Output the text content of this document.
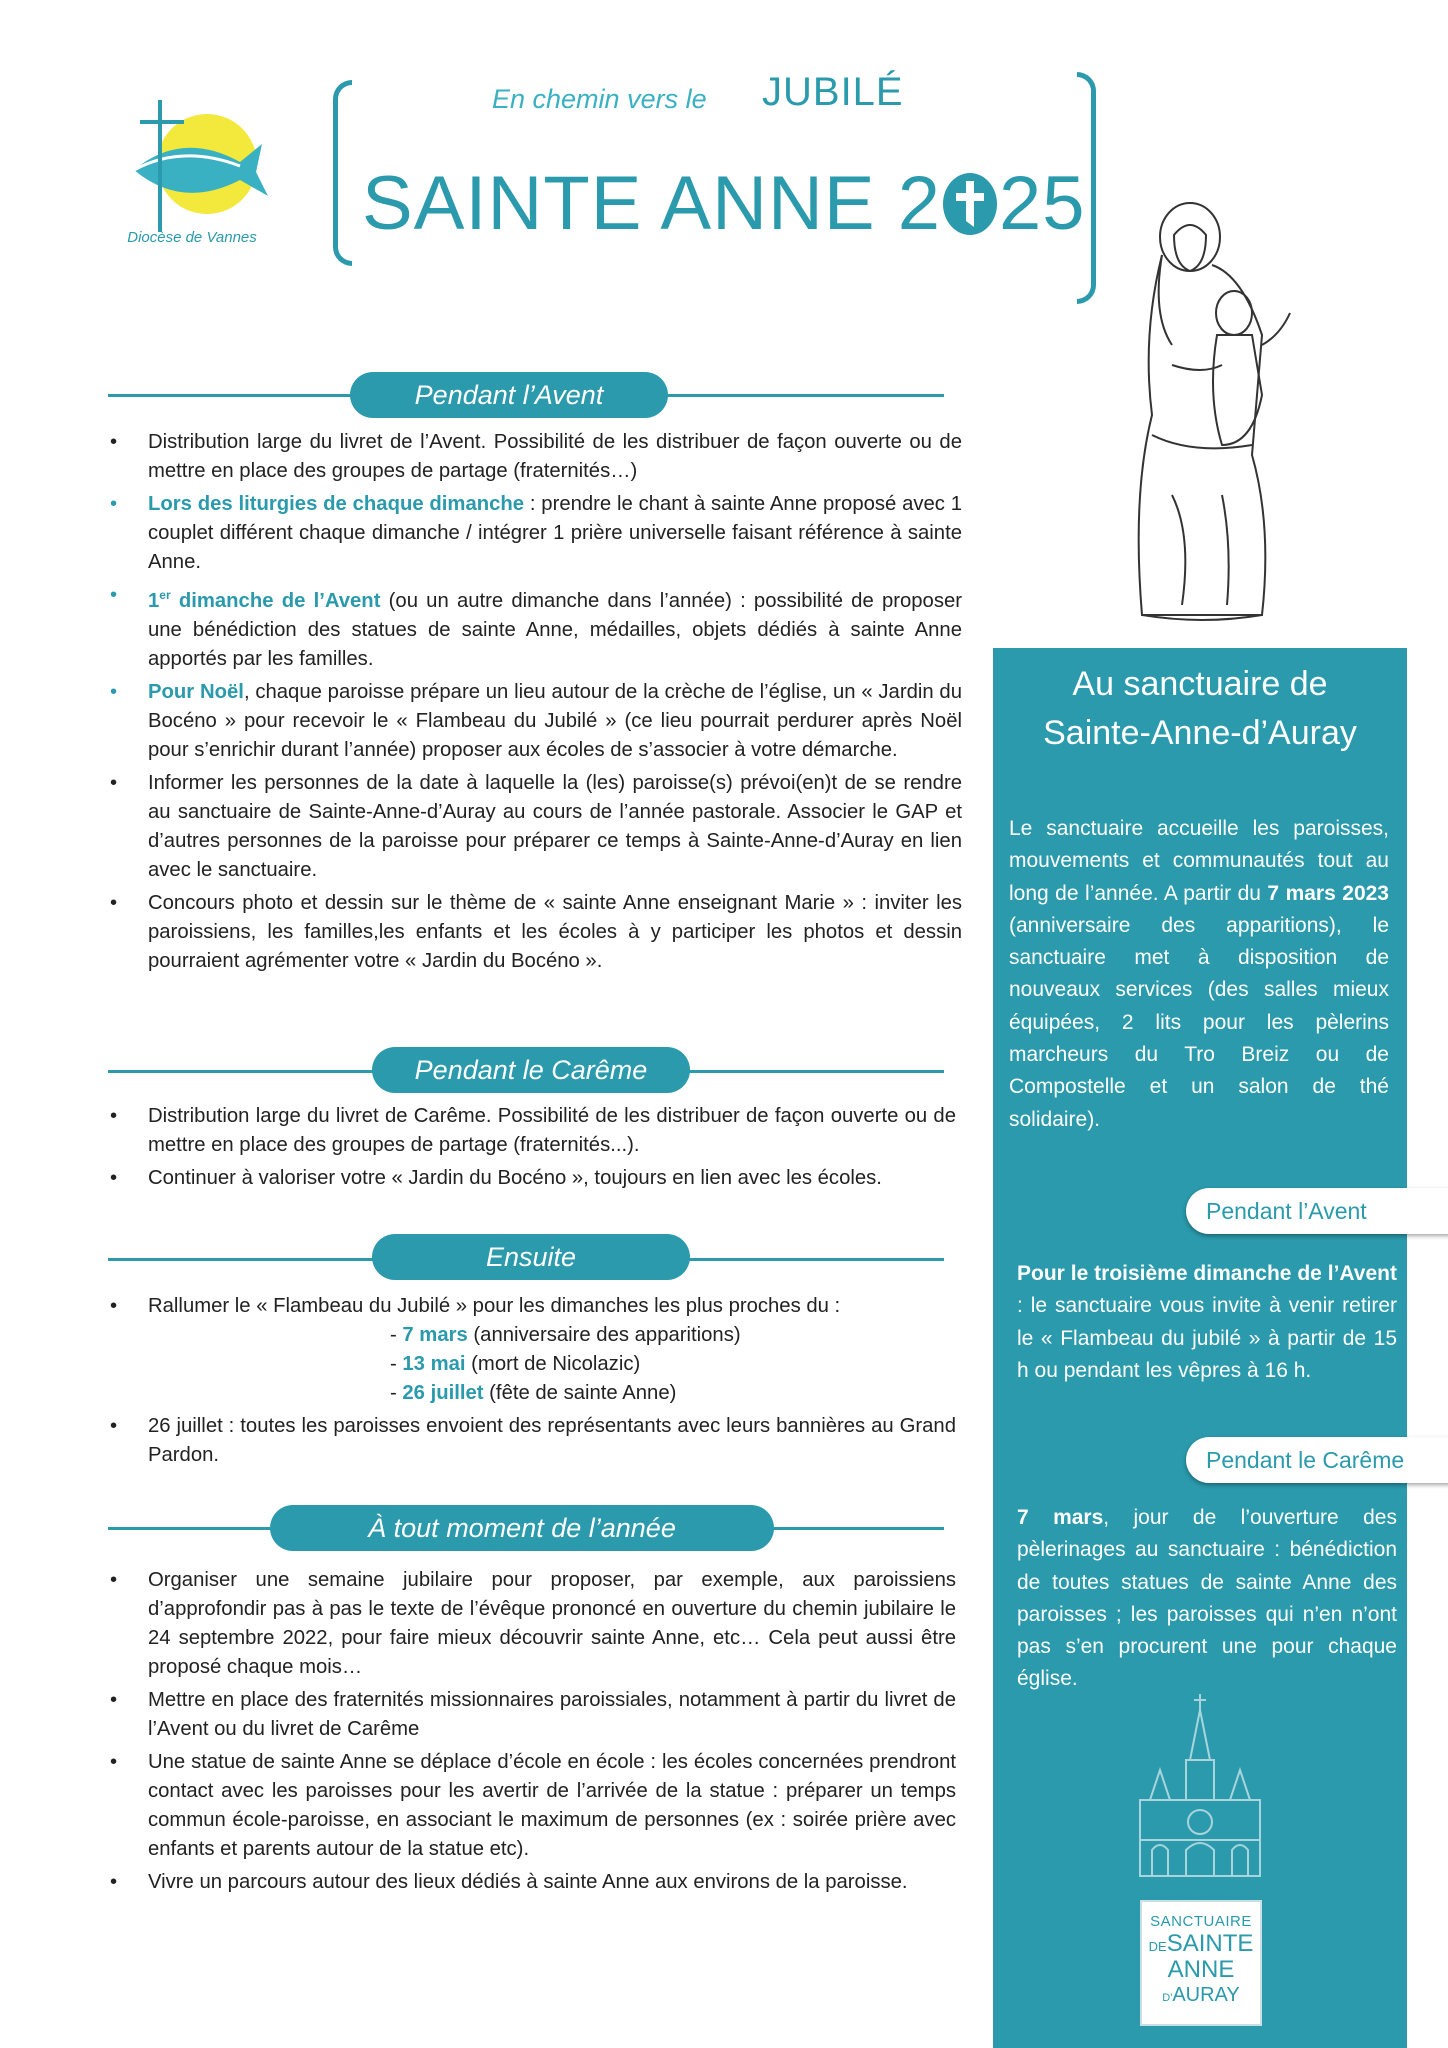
Diocèse de Vannes
En chemin vers le JUBILÉ
SAINTE ANNE 2 25
Pendant l’Avent
• Distribution large du livret de l’Avent. Possibilité de les distribuer de façon ouverte ou de mettre en place des groupes de partage (fraternités…)
• Lors des liturgies de chaque dimanche : prendre le chant à sainte Anne proposé avec 1 couplet différent chaque dimanche / intégrer 1 prière universelle faisant référence à sainte Anne.
• 1er dimanche de l’Avent (ou un autre dimanche dans l’année) : possibilité de proposer une bénédiction des statues de sainte Anne, médailles, objets dédiés à sainte Anne apportés par les familles.
• Pour Noël, chaque paroisse prépare un lieu autour de la crèche de l’église, un « Jardin du Bocéno » pour recevoir le « Flambeau du Jubilé » (ce lieu pourrait perdurer après Noël pour s’enrichir durant l’année) proposer aux écoles de s’associer à votre démarche.
• Informer les personnes de la date à laquelle la (les) paroisse(s) prévoi(en)t de se rendre au sanctuaire de Sainte-Anne-d’Auray au cours de l’année pastorale. Associer le GAP et d’autres personnes de la paroisse pour préparer ce temps à Sainte-Anne-d’Auray en lien avec le sanctuaire.
• Concours photo et dessin sur le thème de « sainte Anne enseignant Marie » : inviter les paroissiens, les familles,les enfants et les écoles à y participer les photos et dessin pourraient agrémenter votre « Jardin du Bocéno ».
Pendant le Carême
• Distribution large du livret de Carême. Possibilité de les distribuer de façon ouverte ou de mettre en place des groupes de partage (fraternités...).
• Continuer à valoriser votre « Jardin du Bocéno », toujours en lien avec les écoles.
Ensuite
• Rallumer le « Flambeau du Jubilé » pour les dimanches les plus proches du :
- 7 mars (anniversaire des apparitions)
- 13 mai (mort de Nicolazic)
- 26 juillet (fête de sainte Anne)
• 26 juillet : toutes les paroisses envoient des représentants avec leurs bannières au Grand Pardon.
À tout moment de l’année
• Organiser une semaine jubilaire pour proposer, par exemple, aux paroissiens d’approfondir pas à pas le texte de l’évêque prononcé en ouverture du chemin jubilaire le 24 septembre 2022, pour faire mieux découvrir sainte Anne, etc… Cela peut aussi être proposé chaque mois…
• Mettre en place des fraternités missionnaires paroissiales, notamment à partir du livret de l’Avent ou du livret de Carême
• Une statue de sainte Anne se déplace d’école en école : les écoles concernées prendront contact avec les paroisses pour les avertir de l’arrivée de la statue : préparer un temps commun école-paroisse, en associant le maximum de personnes (ex : soirée prière avec enfants et parents autour de la statue etc).
• Vivre un parcours autour des lieux dédiés à sainte Anne aux environs de la paroisse.
Au sanctuaire de
Sainte-Anne-d’Auray
Le sanctuaire accueille les paroisses, mouvements et communautés tout au long de l’année. A partir du 7 mars 2023 (anniversaire des apparitions), le sanctuaire met à disposition de nouveaux services (des salles mieux équipées, 2 lits pour les pèlerins marcheurs du Tro Breiz ou de Compostelle et un salon de thé solidaire).
Pendant l’Avent
Pour le troisième dimanche de l’Avent : le sanctuaire vous invite à venir retirer le « Flambeau du jubilé » à partir de 15 h ou pendant les vêpres à 16 h.
Pendant le Carême
7 mars, jour de l’ouverture des pèlerinages au sanctuaire : bénédiction de toutes statues de sainte Anne des paroisses ; les paroisses qui n’en n’ont pas s’en procurent une pour chaque église.
SANCTUAIRE
DESAINTE
ANNE
D'AURAY
